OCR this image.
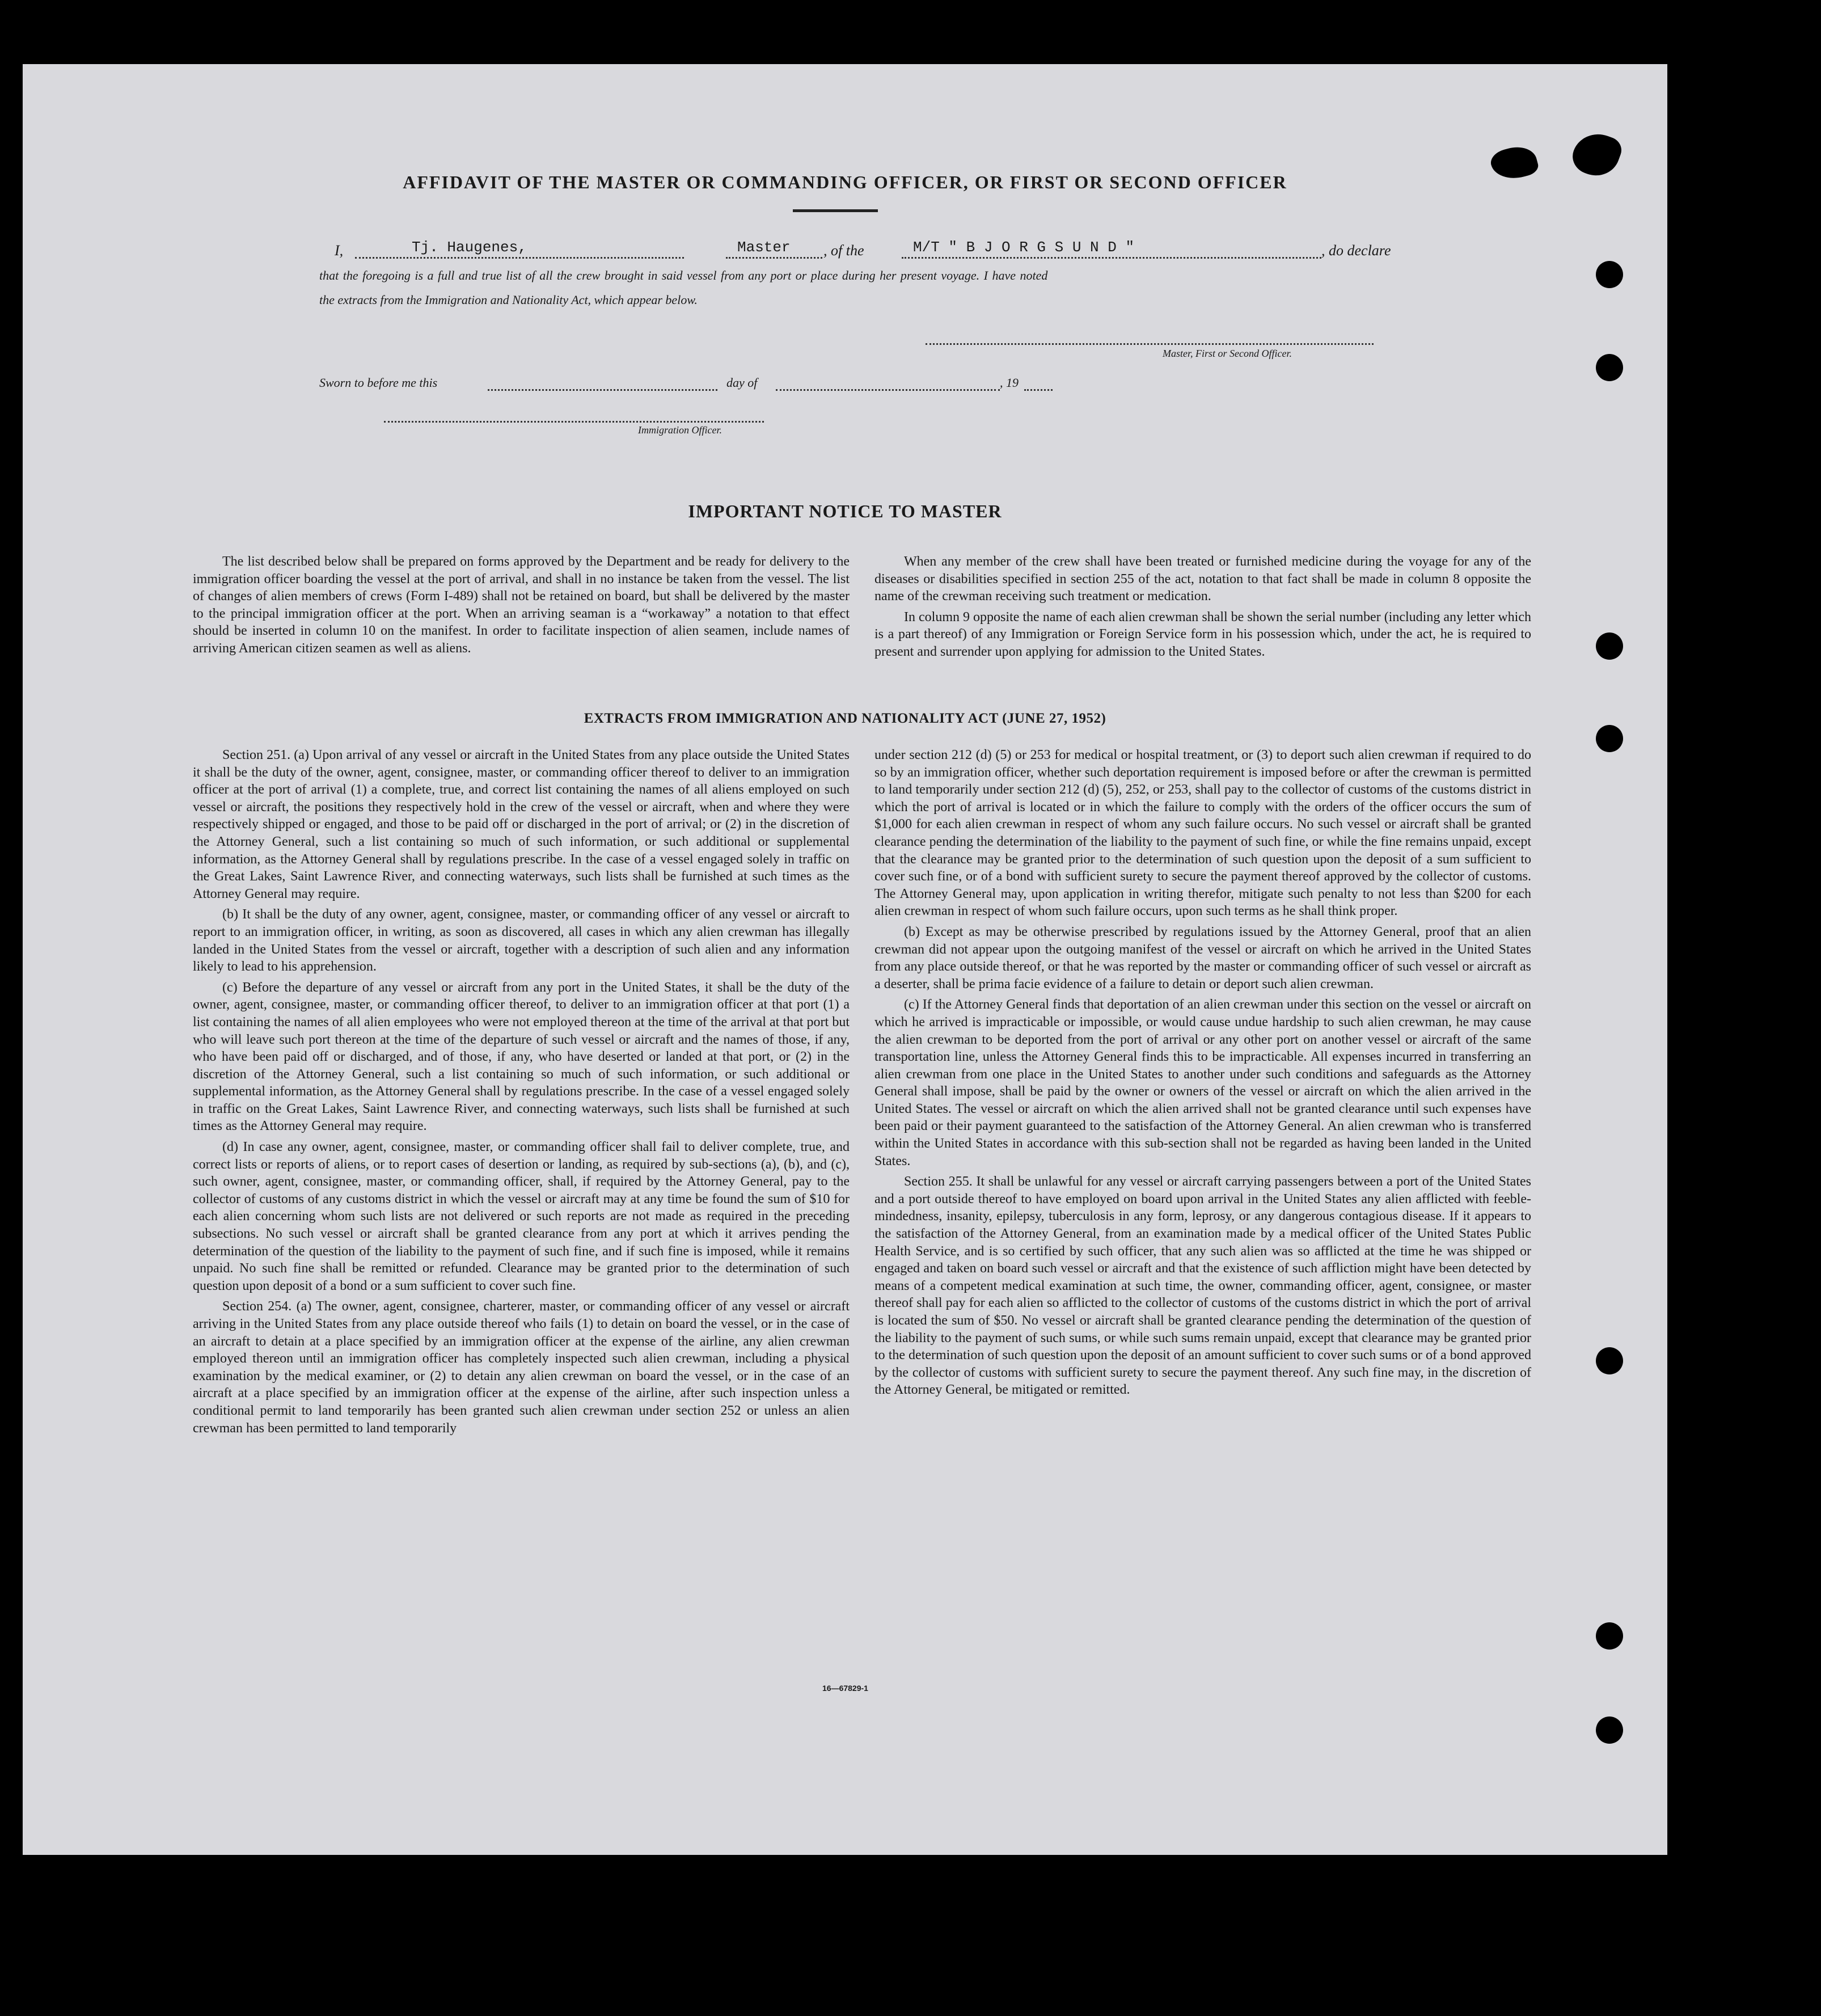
AFFIDAVIT OF THE MASTER OR COMMANDING OFFICER, OR FIRST OR SECOND OFFICER
I,	Tj. Haugenes,	Master , of the	M/T " B J O R G S U N D "	, do declare
that the foregoing is a full and true list of all the crew brought in said vessel from any port or place during her present voyage. I have noted
the extracts from the Immigration and Nationality Act, which appear below.
Master, First or Second Officer.
Sworn to before me this	day of	, 19
Immigration Officer.
IMPORTANT NOTICE TO MASTER

The list described below shall be prepared on forms approved by the Department and be ready for delivery to the immigration officer boarding the vessel at the port of arrival, and shall in no instance be taken from the vessel. The list of changes of alien members of crews (Form I-489) shall not be retained on board, but shall be delivered by the master to the principal immigration officer at the port. When an arriving seaman is a “workaway” a notation to that effect should be inserted in column 10 on the manifest. In order to facilitate inspection of alien seamen, include names of arriving American citizen seamen as well as aliens.

When any member of the crew shall have been treated or furnished medicine during the voyage for any of the diseases or disabilities specified in section 255 of the act, notation to that fact shall be made in column 8 opposite the name of the crewman receiving such treatment or medication.

In column 9 opposite the name of each alien crewman shall be shown the serial number (including any letter which is a part thereof) of any Immigration or Foreign Service form in his possession which, under the act, he is required to present and surrender upon applying for admission to the United States.

EXTRACTS FROM IMMIGRATION AND NATIONALITY ACT (JUNE 27, 1952)

Section 251. (a) Upon arrival of any vessel or aircraft in the United States from any place outside the United States it shall be the duty of the owner, agent, consignee, master, or commanding officer thereof to deliver to an immigration officer at the port of arrival (1) a complete, true, and correct list containing the names of all aliens employed on such vessel or aircraft, the positions they respectively hold in the crew of the vessel or aircraft, when and where they were respectively shipped or engaged, and those to be paid off or discharged in the port of arrival; or (2) in the discretion of the Attorney General, such a list containing so much of such information, or such additional or supplemental information, as the Attorney General shall by regulations prescribe. In the case of a vessel engaged solely in traffic on the Great Lakes, Saint Lawrence River, and connecting waterways, such lists shall be furnished at such times as the Attorney General may require.

(b) It shall be the duty of any owner, agent, consignee, master, or commanding officer of any vessel or aircraft to report to an immigration officer, in writing, as soon as discovered, all cases in which any alien crewman has illegally landed in the United States from the vessel or aircraft, together with a description of such alien and any information likely to lead to his apprehension.

(c) Before the departure of any vessel or aircraft from any port in the United States, it shall be the duty of the owner, agent, consignee, master, or commanding officer thereof, to deliver to an immigration officer at that port (1) a list containing the names of all alien employees who were not employed thereon at the time of the arrival at that port but who will leave such port thereon at the time of the departure of such vessel or aircraft and the names of those, if any, who have been paid off or discharged, and of those, if any, who have deserted or landed at that port, or (2) in the discretion of the Attorney General, such a list containing so much of such information, or such additional or supplemental information, as the Attorney General shall by regulations prescribe. In the case of a vessel engaged solely in traffic on the Great Lakes, Saint Lawrence River, and connecting waterways, such lists shall be furnished at such times as the Attorney General may require.

(d) In case any owner, agent, consignee, master, or commanding officer shall fail to deliver complete, true, and correct lists or reports of aliens, or to report cases of desertion or landing, as required by sub-sections (a), (b), and (c), such owner, agent, consignee, master, or commanding officer, shall, if required by the Attorney General, pay to the collector of customs of any customs district in which the vessel or aircraft may at any time be found the sum of $10 for each alien concerning whom such lists are not delivered or such reports are not made as required in the preceding subsections. No such vessel or aircraft shall be granted clearance from any port at which it arrives pending the determination of the question of the liability to the payment of such fine, and if such fine is imposed, while it remains unpaid. No such fine shall be remitted or refunded. Clearance may be granted prior to the determination of such question upon deposit of a bond or a sum sufficient to cover such fine.

Section 254. (a) The owner, agent, consignee, charterer, master, or commanding officer of any vessel or aircraft arriving in the United States from any place outside thereof who fails (1) to detain on board the vessel, or in the case of an aircraft to detain at a place specified by an immigration officer at the expense of the airline, any alien crewman employed thereon until an immigration officer has completely inspected such alien crewman, including a physical examination by the medical examiner, or (2) to detain any alien crewman on board the vessel, or in the case of an aircraft at a place specified by an immigration officer at the expense of the airline, after such inspection unless a conditional permit to land temporarily has been granted such alien crewman under section 252 or unless an alien crewman has been permitted to land temporarily

under section 212 (d) (5) or 253 for medical or hospital treatment, or (3) to deport such alien crewman if required to do so by an immigration officer, whether such deportation requirement is imposed before or after the crewman is permitted to land temporarily under section 212 (d) (5), 252, or 253, shall pay to the collector of customs of the customs district in which the port of arrival is located or in which the failure to comply with the orders of the officer occurs the sum of $1,000 for each alien crewman in respect of whom any such failure occurs. No such vessel or aircraft shall be granted clearance pending the determination of the liability to the payment of such fine, or while the fine remains unpaid, except that the clearance may be granted prior to the determination of such question upon the deposit of a sum sufficient to cover such fine, or of a bond with sufficient surety to secure the payment thereof approved by the collector of customs. The Attorney General may, upon application in writing therefor, mitigate such penalty to not less than $200 for each alien crewman in respect of whom such failure occurs, upon such terms as he shall think proper.

(b) Except as may be otherwise prescribed by regulations issued by the Attorney General, proof that an alien crewman did not appear upon the outgoing manifest of the vessel or aircraft on which he arrived in the United States from any place outside thereof, or that he was reported by the master or commanding officer of such vessel or aircraft as a deserter, shall be prima facie evidence of a failure to detain or deport such alien crewman.

(c) If the Attorney General finds that deportation of an alien crewman under this section on the vessel or aircraft on which he arrived is impracticable or impossible, or would cause undue hardship to such alien crewman, he may cause the alien crewman to be deported from the port of arrival or any other port on another vessel or aircraft of the same transportation line, unless the Attorney General finds this to be impracticable. All expenses incurred in transferring an alien crewman from one place in the United States to another under such conditions and safeguards as the Attorney General shall impose, shall be paid by the owner or owners of the vessel or aircraft on which the alien arrived in the United States. The vessel or aircraft on which the alien arrived shall not be granted clearance until such expenses have been paid or their payment guaranteed to the satisfaction of the Attorney General. An alien crewman who is transferred within the United States in accordance with this sub-section shall not be regarded as having been landed in the United States.

Section 255. It shall be unlawful for any vessel or aircraft carrying passengers between a port of the United States and a port outside thereof to have employed on board upon arrival in the United States any alien afflicted with feeble-mindedness, insanity, epilepsy, tuberculosis in any form, leprosy, or any dangerous contagious disease. If it appears to the satisfaction of the Attorney General, from an examination made by a medical officer of the United States Public Health Service, and is so certified by such officer, that any such alien was so afflicted at the time he was shipped or engaged and taken on board such vessel or aircraft and that the existence of such affliction might have been detected by means of a competent medical examination at such time, the owner, commanding officer, agent, consignee, or master thereof shall pay for each alien so afflicted to the collector of customs of the customs district in which the port of arrival is located the sum of $50. No vessel or aircraft shall be granted clearance pending the determination of the question of the liability to the payment of such sums, or while such sums remain unpaid, except that clearance may be granted prior to the determination of such question upon the deposit of an amount sufficient to cover such sums or of a bond approved by the collector of customs with sufficient surety to secure the payment thereof. Any such fine may, in the discretion of the Attorney General, be mitigated or remitted.

16—67829-1
